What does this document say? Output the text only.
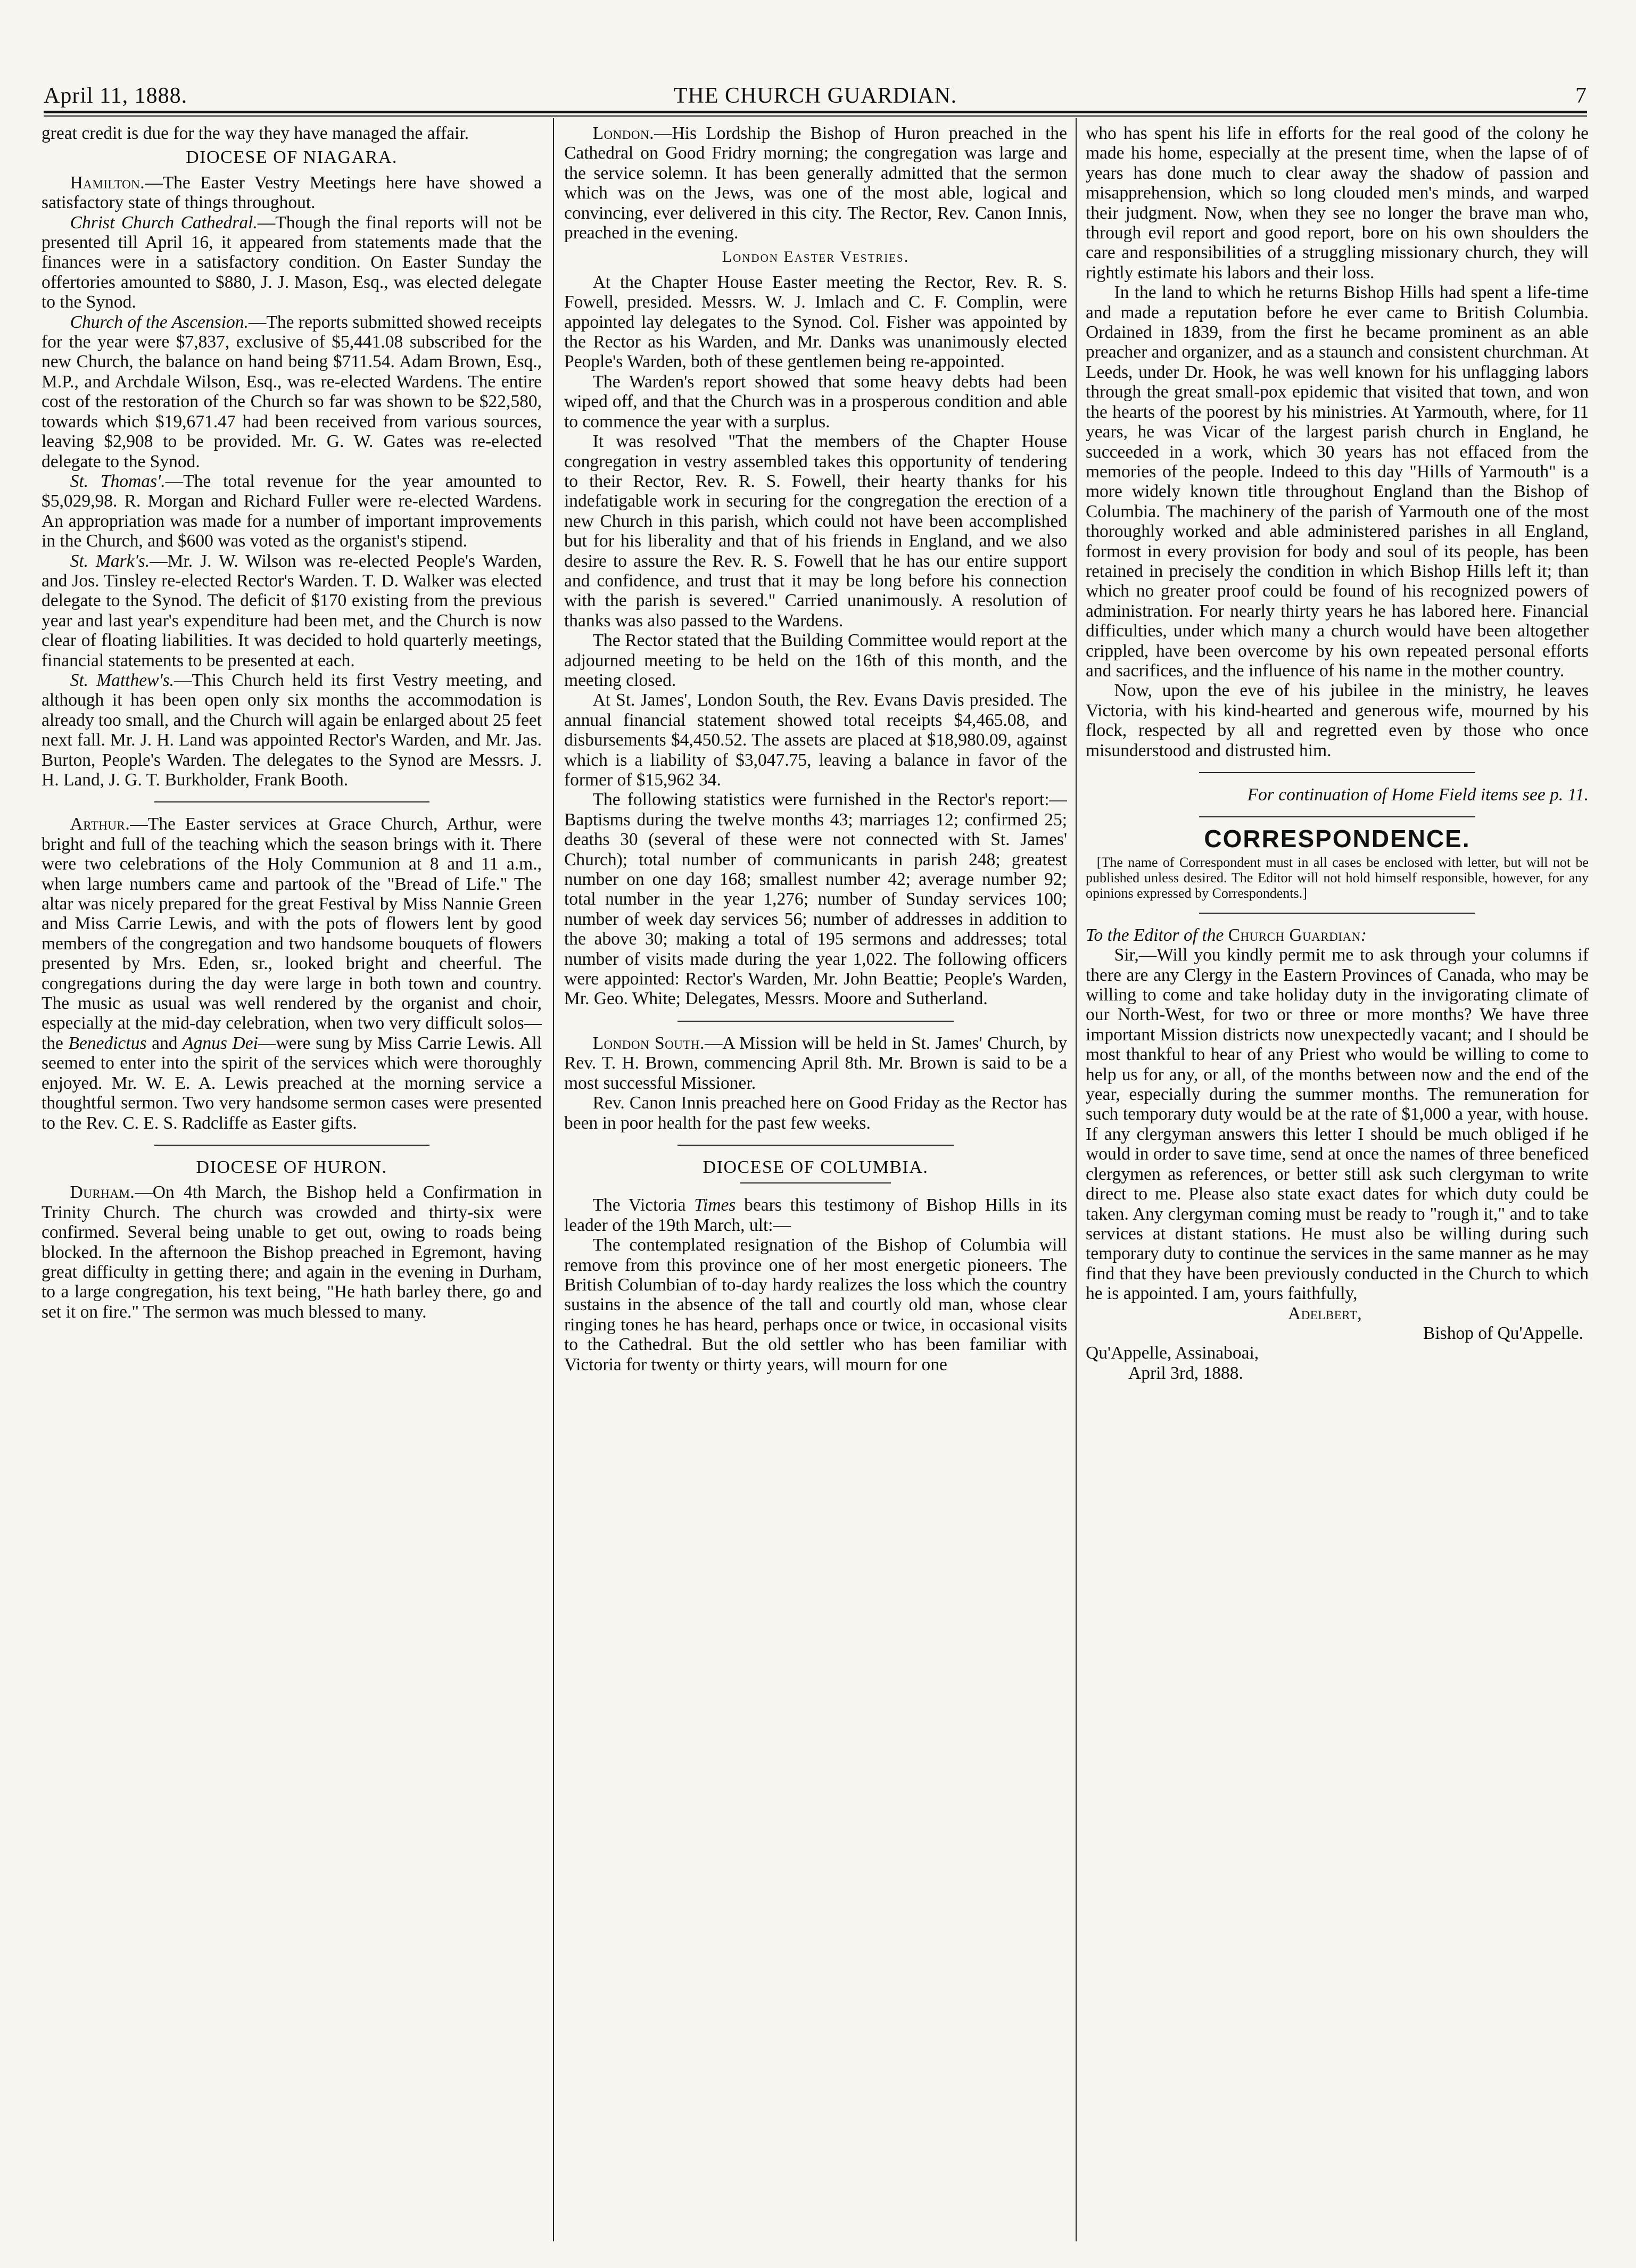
April 11, 1888.	THE CHURCH GUARDIAN.	7

great credit is due for the way they have managed the affair.

DIOCESE OF NIAGARA.

Hamilton.—The Easter Vestry Meetings here have showed a satisfactory state of things throughout.

Christ Church Cathedral.—Though the final reports will not be presented till April 16, it appeared from statements made that the finances were in a satisfactory condition. On Easter Sunday the offertories amounted to $880, J. J. Mason, Esq., was elected delegate to the Synod.

Church of the Ascension.—The reports submitted showed receipts for the year were $7,837, exclusive of $5,441.08 subscribed for the new Church, the balance on hand being $711.54. Adam Brown, Esq., M.P., and Archdale Wilson, Esq., was re-elected Wardens. The entire cost of the restoration of the Church so far was shown to be $22,580, towards which $19,671.47 had been received from various sources, leaving $2,908 to be provided. Mr. G. W. Gates was re-elected delegate to the Synod.

St. Thomas'.—The total revenue for the year amounted to $5,029,98. R. Morgan and Richard Fuller were re-elected Wardens. An appropriation was made for a number of important improvements in the Church, and $600 was voted as the organist's stipend.

St. Mark's.—Mr. J. W. Wilson was re-elected People's Warden, and Jos. Tinsley re-elected Rector's Warden. T. D. Walker was elected delegate to the Synod. The deficit of $170 existing from the previous year and last year's expenditure had been met, and the Church is now clear of floating liabilities. It was decided to hold quarterly meetings, financial statements to be presented at each.

St. Matthew's.—This Church held its first Vestry meeting, and although it has been open only six months the accommodation is already too small, and the Church will again be enlarged about 25 feet next fall. Mr. J. H. Land was appointed Rector's Warden, and Mr. Jas. Burton, People's Warden. The delegates to the Synod are Messrs. J. H. Land, J. G. T. Burkholder, Frank Booth.

Arthur.—The Easter services at Grace Church, Arthur, were bright and full of the teaching which the season brings with it. There were two celebrations of the Holy Communion at 8 and 11 a.m., when large numbers came and partook of the "Bread of Life." The altar was nicely prepared for the great Festival by Miss Nannie Green and Miss Carrie Lewis, and with the pots of flowers lent by good members of the congregation and two handsome bouquets of flowers presented by Mrs. Eden, sr., looked bright and cheerful. The congregations during the day were large in both town and country. The music as usual was well rendered by the organist and choir, especially at the mid-day celebration, when two very difficult solos—the Benedictus and Agnus Dei—were sung by Miss Carrie Lewis. All seemed to enter into the spirit of the services which were thoroughly enjoyed. Mr. W. E. A. Lewis preached at the morning service a thoughtful sermon. Two very handsome sermon cases were presented to the Rev. C. E. S. Radcliffe as Easter gifts.

DIOCESE OF HURON.

Durham.—On 4th March, the Bishop held a Confirmation in Trinity Church. The church was crowded and thirty-six were confirmed. Several being unable to get out, owing to roads being blocked. In the afternoon the Bishop preached in Egremont, having great difficulty in getting there; and again in the evening in Durham, to a large congregation, his text being, "He hath barley there, go and set it on fire." The sermon was much blessed to many.

London.—His Lordship the Bishop of Huron preached in the Cathedral on Good Fridry morning; the congregation was large and the service solemn. It has been generally admitted that the sermon which was on the Jews, was one of the most able, logical and convincing, ever delivered in this city. The Rector, Rev. Canon Innis, preached in the evening.

London Easter Vestries.

At the Chapter House Easter meeting the Rector, Rev. R. S. Fowell, presided. Messrs. W. J. Imlach and C. F. Complin, were appointed lay delegates to the Synod. Col. Fisher was appointed by the Rector as his Warden, and Mr. Danks was unanimously elected People's Warden, both of these gentlemen being re-appointed.

The Warden's report showed that some heavy debts had been wiped off, and that the Church was in a prosperous condition and able to commence the year with a surplus.

It was resolved "That the members of the Chapter House congregation in vestry assembled takes this opportunity of tendering to their Rector, Rev. R. S. Fowell, their hearty thanks for his indefatigable work in securing for the congregation the erection of a new Church in this parish, which could not have been accomplished but for his liberality and that of his friends in England, and we also desire to assure the Rev. R. S. Fowell that he has our entire support and confidence, and trust that it may be long before his connection with the parish is severed." Carried unanimously. A resolution of thanks was also passed to the Wardens.

The Rector stated that the Building Committee would report at the adjourned meeting to be held on the 16th of this month, and the meeting closed.

At St. James', London South, the Rev. Evans Davis presided. The annual financial statement showed total receipts $4,465.08, and disbursements $4,450.52. The assets are placed at $18,980.09, against which is a liability of $3,047.75, leaving a balance in favor of the former of $15,962 34.

The following statistics were furnished in the Rector's report:—Baptisms during the twelve months 43; marriages 12; confirmed 25; deaths 30 (several of these were not connected with St. James' Church); total number of communicants in parish 248; greatest number on one day 168; smallest number 42; average number 92; total number in the year 1,276; number of Sunday services 100; number of week day services 56; number of addresses in addition to the above 30; making a total of 195 sermons and addresses; total number of visits made during the year 1,022. The following officers were appointed: Rector's Warden, Mr. John Beattie; People's Warden, Mr. Geo. White; Delegates, Messrs. Moore and Sutherland.

London South.—A Mission will be held in St. James' Church, by Rev. T. H. Brown, commencing April 8th. Mr. Brown is said to be a most successful Missioner.

Rev. Canon Innis preached here on Good Friday as the Rector has been in poor health for the past few weeks.

DIOCESE OF COLUMBIA.

The Victoria Times bears this testimony of Bishop Hills in its leader of the 19th March, ult:—

The contemplated resignation of the Bishop of Columbia will remove from this province one of her most energetic pioneers. The British Columbian of to-day hardy realizes the loss which the country sustains in the absence of the tall and courtly old man, whose clear ringing tones he has heard, perhaps once or twice, in occasional visits to the Cathedral. But the old settler who has been familiar with Victoria for twenty or thirty years, will mourn for one

who has spent his life in efforts for the real good of the colony he made his home, especially at the present time, when the lapse of of years has done much to clear away the shadow of passion and misapprehension, which so long clouded men's minds, and warped their judgment. Now, when they see no longer the brave man who, through evil report and good report, bore on his own shoulders the care and responsibilities of a struggling missionary church, they will rightly estimate his labors and their loss.

In the land to which he returns Bishop Hills had spent a life-time and made a reputation before he ever came to British Columbia. Ordained in 1839, from the first he became prominent as an able preacher and organizer, and as a staunch and consistent churchman. At Leeds, under Dr. Hook, he was well known for his unflagging labors through the great small-pox epidemic that visited that town, and won the hearts of the poorest by his ministries. At Yarmouth, where, for 11 years, he was Vicar of the largest parish church in England, he succeeded in a work, which 30 years has not effaced from the memories of the people. Indeed to this day "Hills of Yarmouth" is a more widely known title throughout England than the Bishop of Columbia. The machinery of the parish of Yarmouth one of the most thoroughly worked and able administered parishes in all England, formost in every provision for body and soul of its people, has been retained in precisely the condition in which Bishop Hills left it; than which no greater proof could be found of his recognized powers of administration. For nearly thirty years he has labored here. Financial difficulties, under which many a church would have been altogether crippled, have been overcome by his own repeated personal efforts and sacrifices, and the influence of his name in the mother country.

Now, upon the eve of his jubilee in the ministry, he leaves Victoria, with his kind-hearted and generous wife, mourned by his flock, respected by all and regretted even by those who once misunderstood and distrusted him.

For continuation of Home Field items see p. 11.

CORRESPONDENCE.

[The name of Correspondent must in all cases be enclosed with letter, but will not be published unless desired. The Editor will not hold himself responsible, however, for any opinions expressed by Correspondents.]

To the Editor of the Church Guardian:

Sir,—Will you kindly permit me to ask through your columns if there are any Clergy in the Eastern Provinces of Canada, who may be willing to come and take holiday duty in the invigorating climate of our North-West, for two or three or more months? We have three important Mission districts now unexpectedly vacant; and I should be most thankful to hear of any Priest who would be willing to come to help us for any, or all, of the months between now and the end of the year, especially during the summer months. The remuneration for such temporary duty would be at the rate of $1,000 a year, with house. If any clergyman answers this letter I should be much obliged if he would in order to save time, send at once the names of three beneficed clergymen as references, or better still ask such clergyman to write direct to me. Please also state exact dates for which duty could be taken. Any clergyman coming must be ready to "rough it," and to take services at distant stations. He must also be willing during such temporary duty to continue the services in the same manner as he may find that they have been previously conducted in the Church to which he is appointed. I am, yours faithfully,

Adelbert,

Bishop of Qu'Appelle.

Qu'Appelle, Assinaboai,

April 3rd, 1888.
